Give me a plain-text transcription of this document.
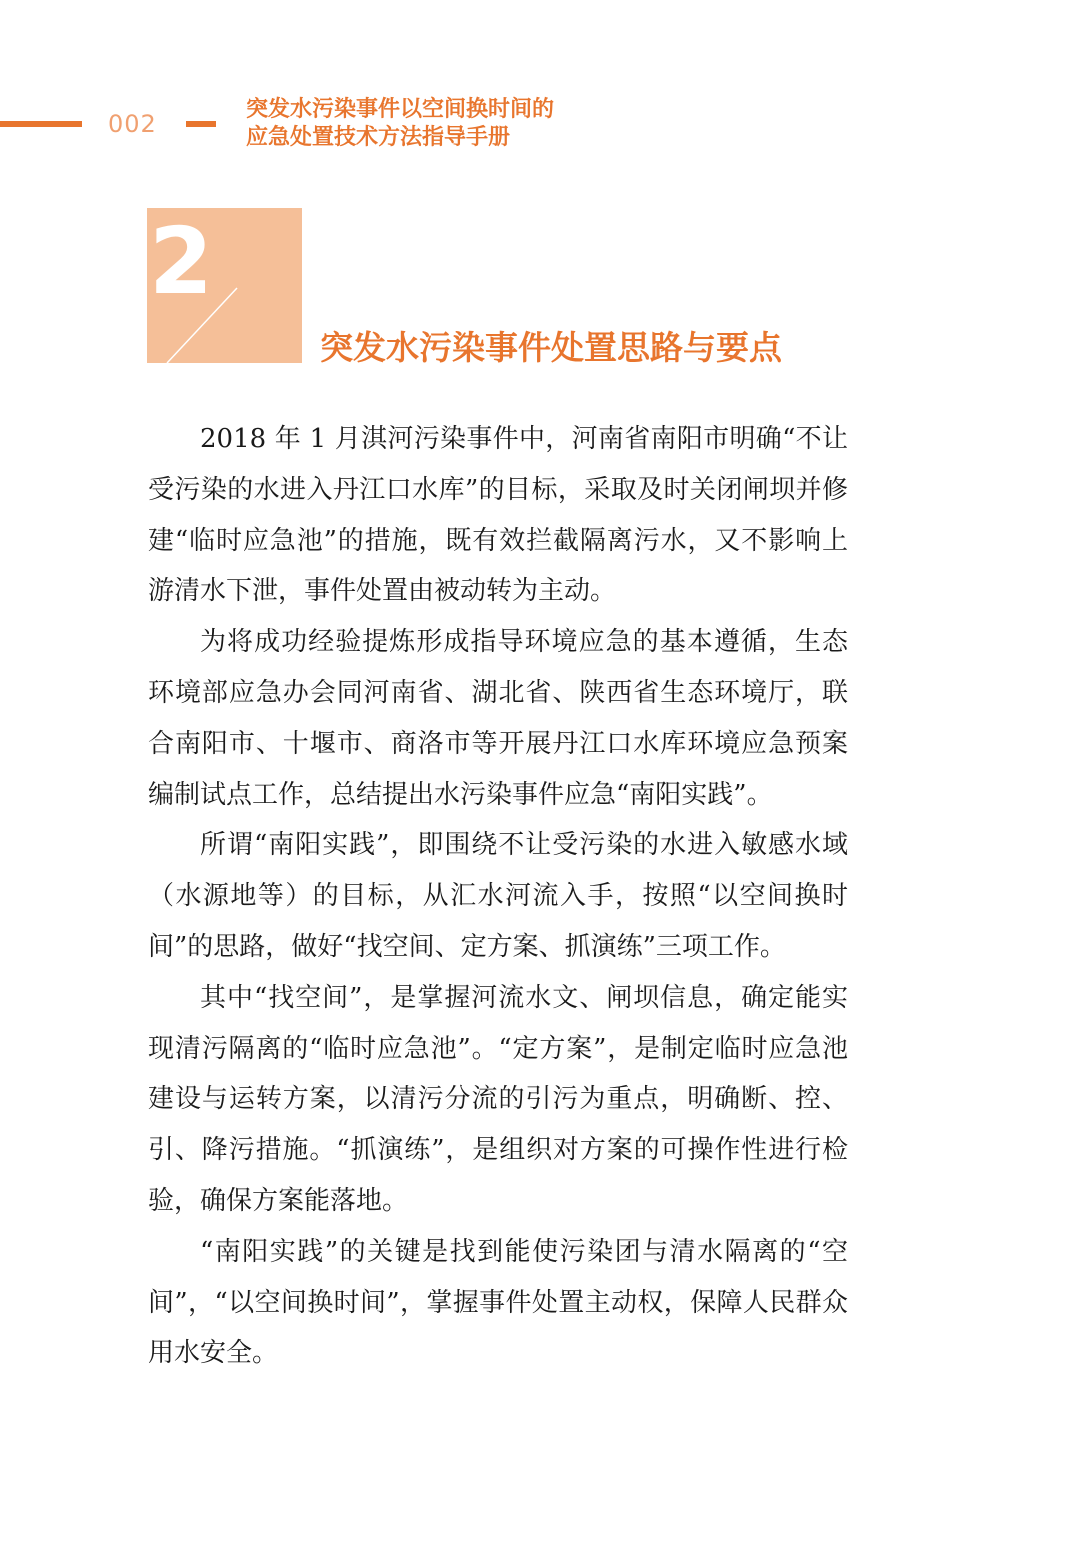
002
突发水污染事件以空间换时间的
应急处置技术方法指导手册
2
突发水污染事件处置思路与要点

2018 年 1 月淇河污染事件中，河南省南阳市明确“不让受污染的水进入丹江口水库”的目标，采取及时关闭闸坝并修建“临时应急池”的措施，既有效拦截隔离污水，又不影响上游清水下泄，事件处置由被动转为主动。

为将成功经验提炼形成指导环境应急的基本遵循，生态环境部应急办会同河南省、湖北省、陕西省生态环境厅，联合南阳市、十堰市、商洛市等开展丹江口水库环境应急预案编制试点工作，总结提出水污染事件应急“南阳实践”。

所谓“南阳实践”，即围绕不让受污染的水进入敏感水域（水源地等）的目标，从汇水河流入手，按照“以空间换时间”的思路，做好“找空间、定方案、抓演练”三项工作。

其中“找空间”，是掌握河流水文、闸坝信息，确定能实现清污隔离的“临时应急池”。“定方案”，是制定临时应急池建设与运转方案，以清污分流的引污为重点，明确断、控、引、降污措施。“抓演练”，是组织对方案的可操作性进行检验，确保方案能落地。

“南阳实践”的关键是找到能使污染团与清水隔离的“空间”，“以空间换时间”，掌握事件处置主动权，保障人民群众用水安全。
